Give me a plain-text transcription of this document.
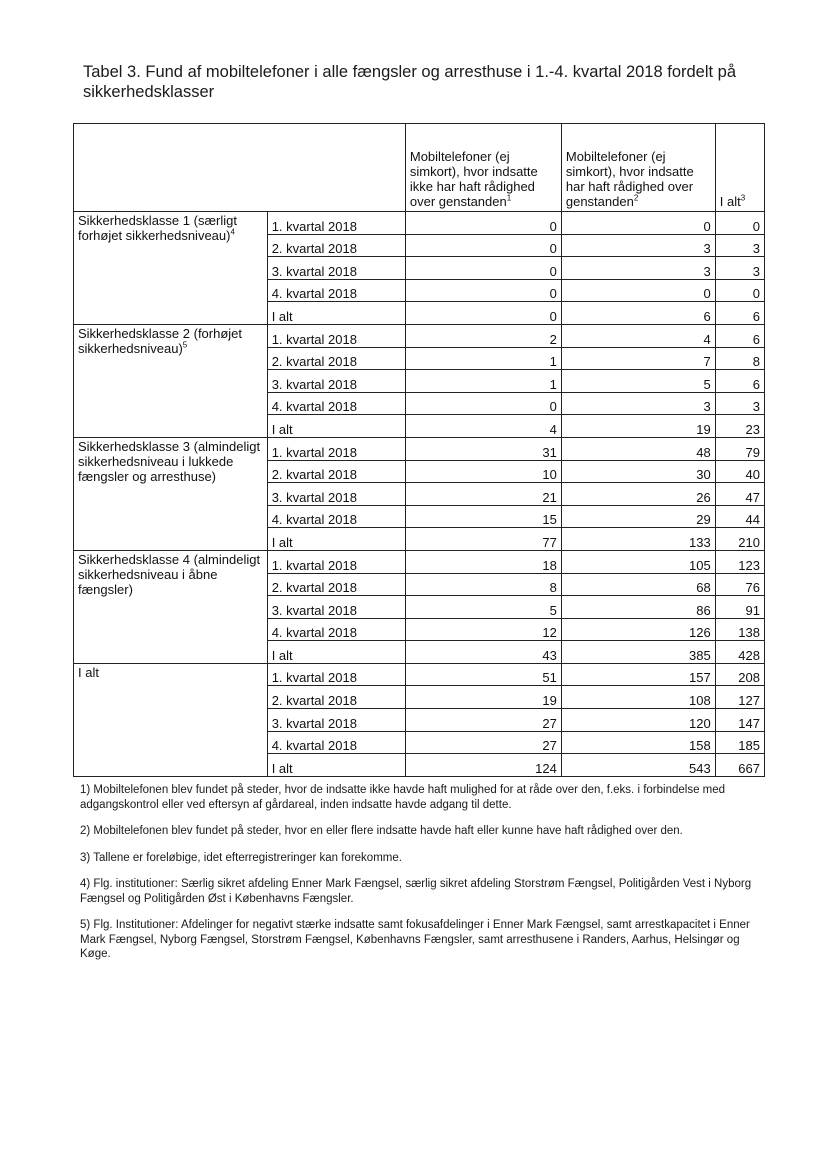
Tabel 3. Fund af mobiltelefoner i alle fængsler og arresthuse i 1.-4. kvartal 2018 fordelt på sikkerhedsklasser
		Mobiltelefoner (ej simkort), hvor indsatte ikke har haft rådighed over genstanden$^1$	Mobiltelefoner (ej simkort), hvor indsatte har haft rådighed over genstanden$^2$	I alt$^3$
Sikkerhedsklasse 1 (særligt forhøjet sikkerhedsniveau)$^4$	1. kvartal 2018	0	0	0
	2. kvartal 2018	0	3	3
	3. kvartal 2018	0	3	3
	4. kvartal 2018	0	0	0
	I alt	0	6	6
Sikkerhedsklasse 2 (forhøjet sikkerhedsniveau)$^5$	1. kvartal 2018	2	4	6
	2. kvartal 2018	1	7	8
	3. kvartal 2018	1	5	6
	4. kvartal 2018	0	3	3
	I alt	4	19	23
Sikkerhedsklasse 3 (almindeligt sikkerhedsniveau i lukkede fængsler og arresthuse)	1. kvartal 2018	31	48	79
	2. kvartal 2018	10	30	40
	3. kvartal 2018	21	26	47
	4. kvartal 2018	15	29	44
	I alt	77	133	210
Sikkerhedsklasse 4 (almindeligt sikkerhedsniveau i åbne fængsler)	1. kvartal 2018	18	105	123
	2. kvartal 2018	8	68	76
	3. kvartal 2018	5	86	91
	4. kvartal 2018	12	126	138
	I alt	43	385	428
I alt	1. kvartal 2018	51	157	208
	2. kvartal 2018	19	108	127
	3. kvartal 2018	27	120	147
	4. kvartal 2018	27	158	185
	I alt	124	543	667
1) Mobiltelefonen blev fundet på steder, hvor de indsatte ikke havde haft mulighed for at råde over den, f.eks. i forbindelse med adgangskontrol eller ved eftersyn af gårdareal, inden indsatte havde adgang til dette.
2) Mobiltelefonen blev fundet på steder, hvor en eller flere indsatte havde haft eller kunne have haft rådighed over den.
3) Tallene er foreløbige, idet efterregistreringer kan forekomme.
4) Flg. institutioner: Særlig sikret afdeling Enner Mark Fængsel, særlig sikret afdeling Storstrøm Fængsel, Politigården Vest i Nyborg Fængsel og Politigården Øst i Københavns Fængsler.
5) Flg. Institutioner: Afdelinger for negativt stærke indsatte samt fokusafdelinger i Enner Mark Fængsel, samt arrestkapacitet i Enner Mark Fængsel, Nyborg Fængsel, Storstrøm Fængsel, Københavns Fængsler, samt arresthusene i Randers, Aarhus, Helsingør og Køge.
